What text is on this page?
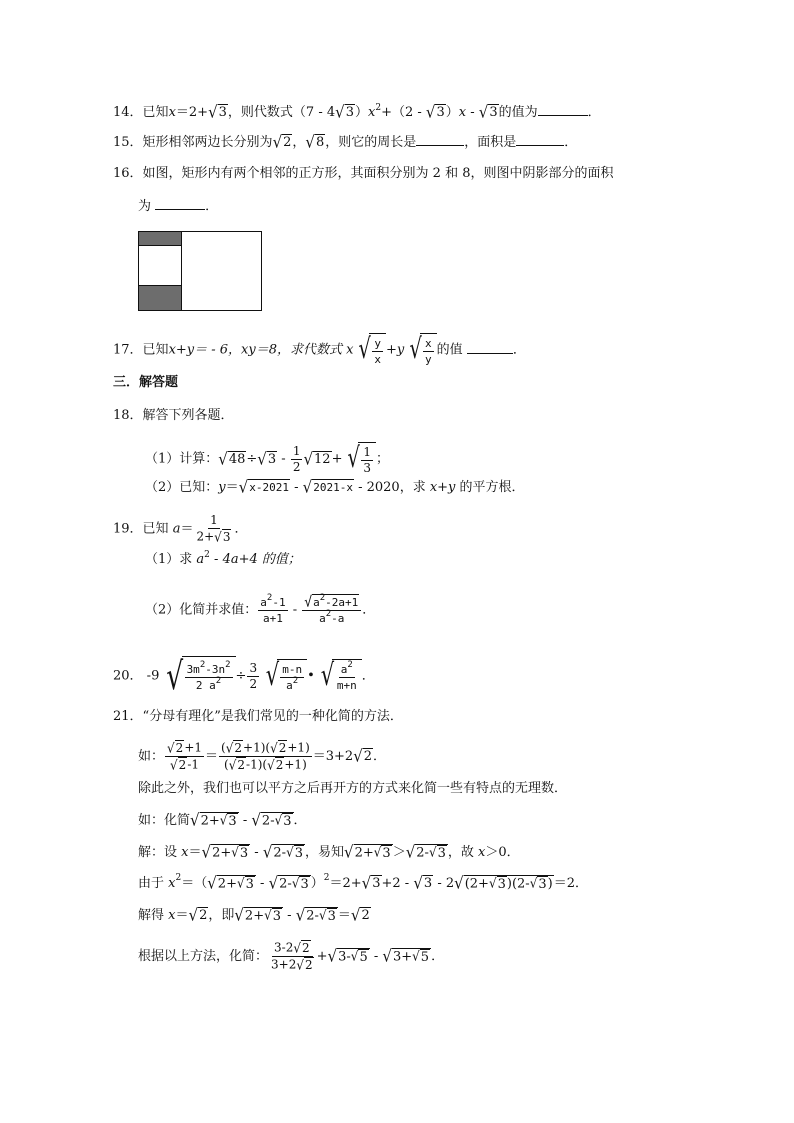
14．已知x＝2+√3，则代数式$(7 - 4√3)x^2+(2 - √3)x - √3$的值为	．
15．矩形相邻两边长分别为√2，√8，则它的周长是	，面积是	．
16．如图，矩形内有两个相邻的正方形，其面积分别为 2 和 8，则图中阴影部分的面积
为	．
17．已知x+y＝ - 6，xy＝8，求代数式 x √ $\frac{y}{x} +y$ √ $\frac{x}{y}$ 的值	．
三．解答题
18．解答下列各题．
（1）计算：$√48\div√3 - \frac{1}{2} √12+$ √ $\frac{1}{3}$ ；
（2）已知：y＝√x-2021 - √2021-x - 2020，求 x+y 的平方根．
19．已知 $a= \frac{1}{2+√3}$ ．
（1）求 $a^2 - 4a+4$ 的值；
（2）化简并求值： $\frac{a^2-1}{a+1} - \frac{√a^2-2a+1}{a^2-a}$ ．
20． -9 √ $\frac{3m^2-3n^2}{2 a^2} \div \frac{3}{2}$ √ $\frac{m-n}{a^2}$ • √ $\frac{a^2}{m+n}$ ．
21．“分母有理化”是我们常见的一种化简的方法．
如： $\frac{√2+1}{√2-1} = \frac{(√2+1)(√2+1)}{(√2-1)(√2+1)} =3+2√2$．
除此之外，我们也可以平方之后再开方的方式来化简一些有特点的无理数．
如：化简√2+√3 - √2-√3 ．
解：设 x＝√2+√3 - √2-√3 ，易知√2+√3 ＞√2-√3 ，故 x＞0．
由于 $x^2=(√2+√3 - √2-√3$ ）$^2$＝2+√3+2 - √3 - 2√(2+√3)(2-√3)＝2．
解得 x＝√2，即√2+√3 - √2-√3 ＝√2
根据以上方法，化简： $\frac{3-2√2}{3+2√2} +√3-√5 - √3+√5$ ．
